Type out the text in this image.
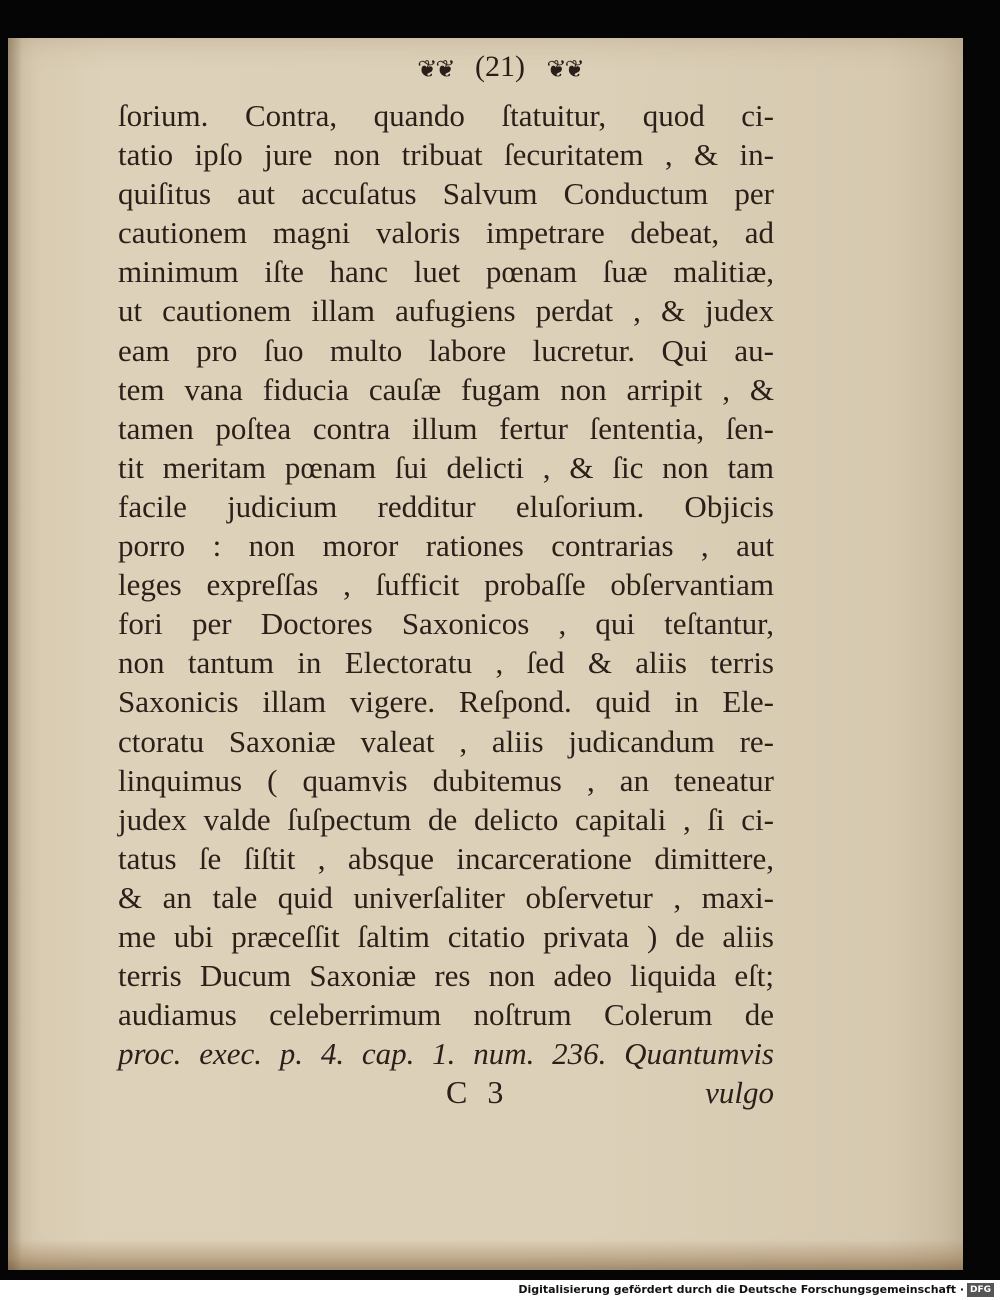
❦❦ (21) ❦❦
ſorium. Contra, quando ſtatuitur, quod ci-
tatio ipſo jure non tribuat ſecuritatem , & in-
quiſitus aut accuſatus Salvum Conductum per
cautionem magni valoris impetrare debeat, ad
minimum iſte hanc luet pœnam ſuæ malitiæ,
ut cautionem illam aufugiens perdat , & judex
eam pro ſuo multo labore lucretur. Qui au-
tem vana fiducia cauſæ fugam non arripit , &
tamen poſtea contra illum fertur ſententia, ſen-
tit meritam pœnam ſui delicti , & ſic non tam
facile judicium redditur eluſorium. Objicis
porro : non moror rationes contrarias , aut
leges expreſſas , ſufficit probaſſe obſervantiam
fori per Doctores Saxonicos , qui teſtantur,
non tantum in Electoratu , ſed & aliis terris
Saxonicis illam vigere. Reſpond. quid in Ele-
ctoratu Saxoniæ valeat , aliis judicandum re-
linquimus ( quamvis dubitemus , an teneatur
judex valde ſuſpectum de delicto capitali , ſi ci-
tatus ſe ſiſtit , absque incarceratione dimittere,
& an tale quid univerſaliter obſervetur , maxi-
me ubi præceſſit ſaltim citatio privata ) de aliis
terris Ducum Saxoniæ res non adeo liquida eſt;
audiamus celeberrimum noſtrum Colerum de
proc. exec. p. 4. cap. 1. num. 236. Quantumvis
C 3	vulgo
Digitalisierung gefördert durch die Deutsche Forschungsgemeinschaft · DFG
